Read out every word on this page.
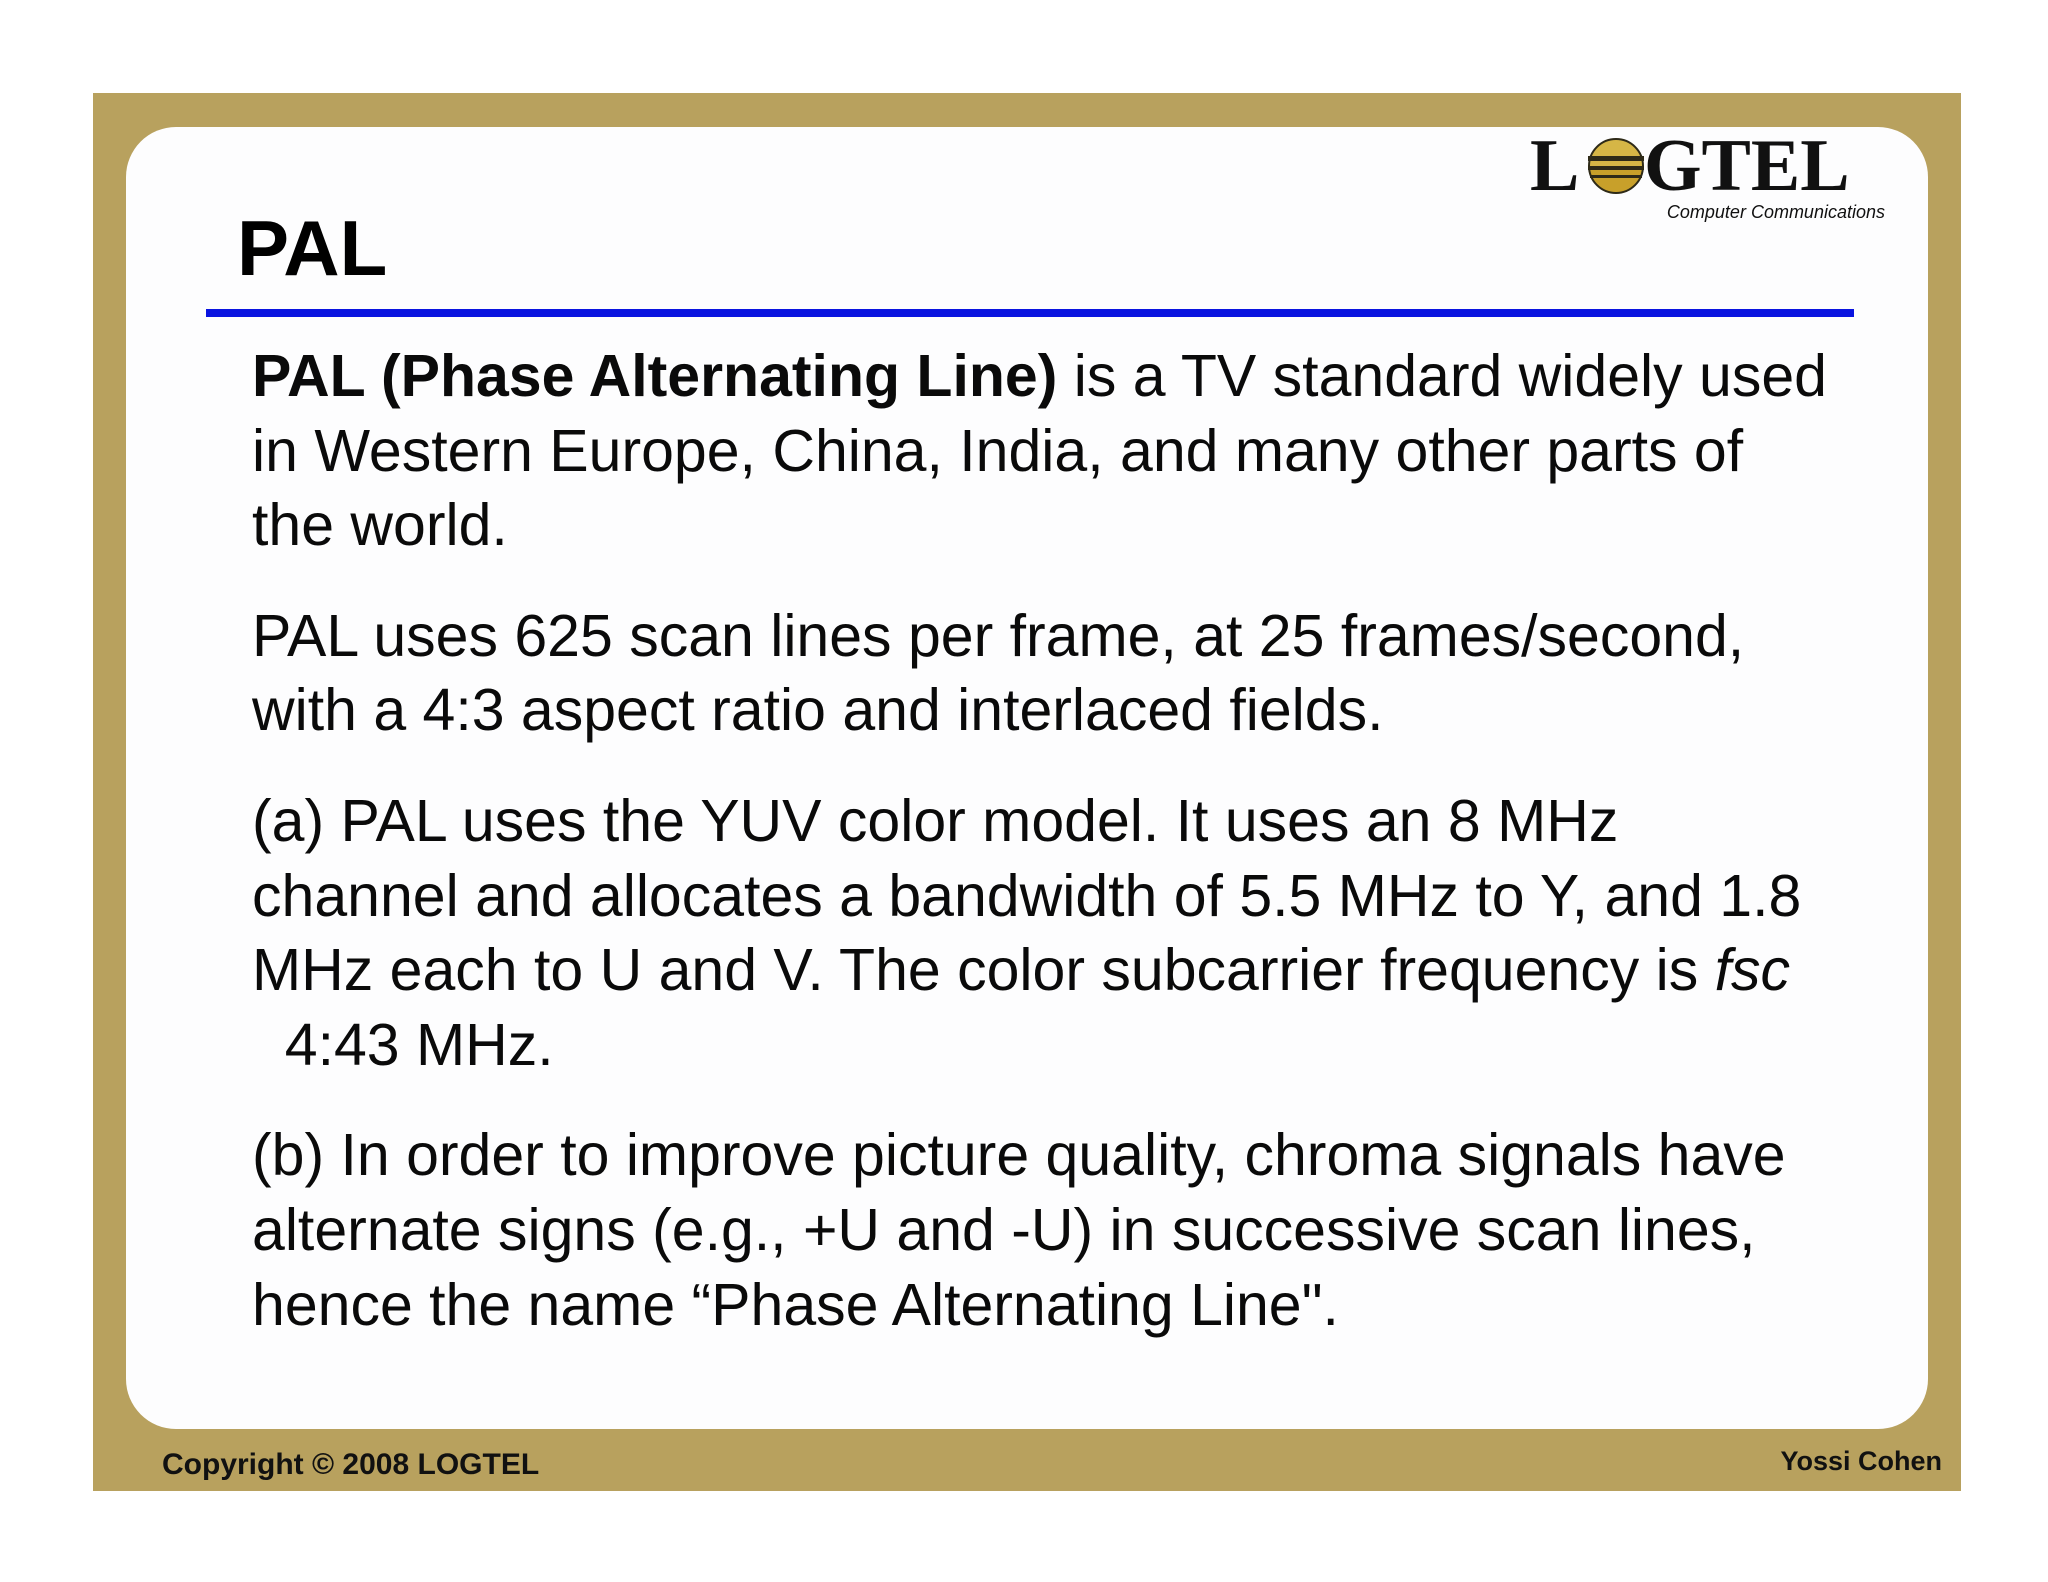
PAL
L GTEL
Computer Communications

PAL (Phase Alternating Line) is a TV standard widely used in Western Europe, China, India, and many other parts of the world.

PAL uses 625 scan lines per frame, at 25 frames/second, with a 4:3 aspect ratio and interlaced fields.

(a) PAL uses the YUV color model. It uses an 8 MHz channel and allocates a bandwidth of 5.5 MHz to Y, and 1.8 MHz each to U and V. The color subcarrier frequency is fsc  4:43 MHz.

(b) In order to improve picture quality, chroma signals have alternate signs (e.g., +U and -U) in successive scan lines, hence the name “Phase Alternating Line".

Copyright © 2008 LOGTEL	Yossi Cohen
